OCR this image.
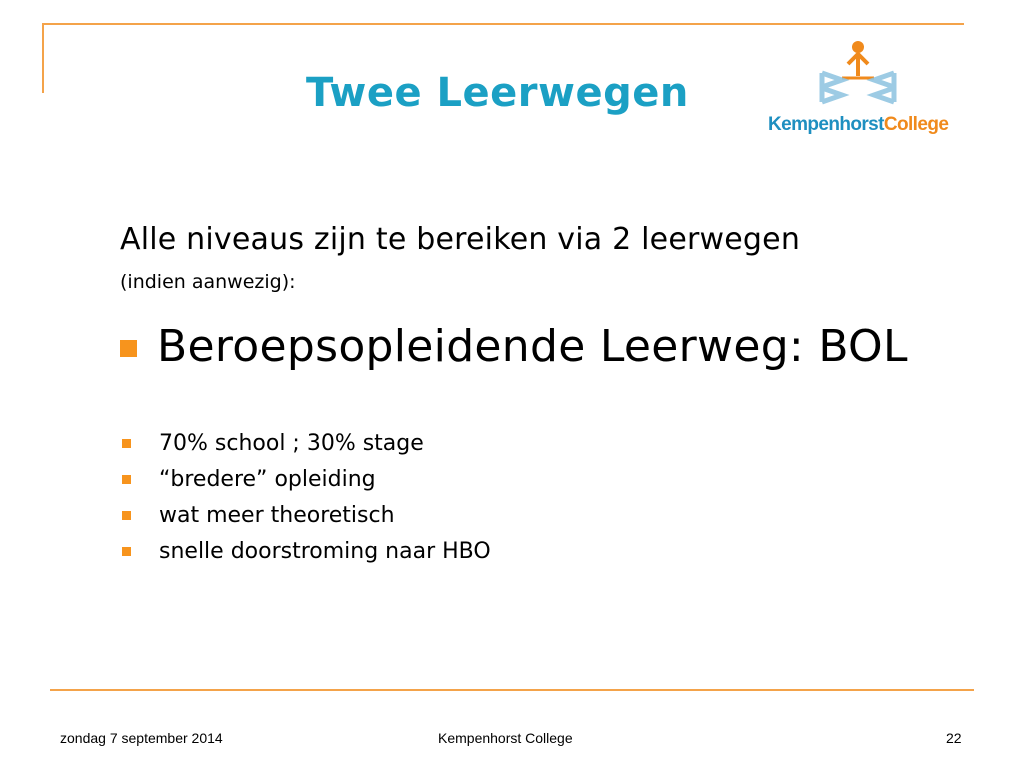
Twee Leerwegen
KempenhorstCollege
Alle niveaus zijn te bereiken via 2 leerwegen
(indien aanwezig):
Beroepsopleidende Leerweg: BOL
70% school ; 30% stage
“bredere” opleiding
wat meer theoretisch
snelle doorstroming naar HBO
zondag 7 september 2014	Kempenhorst College	22
